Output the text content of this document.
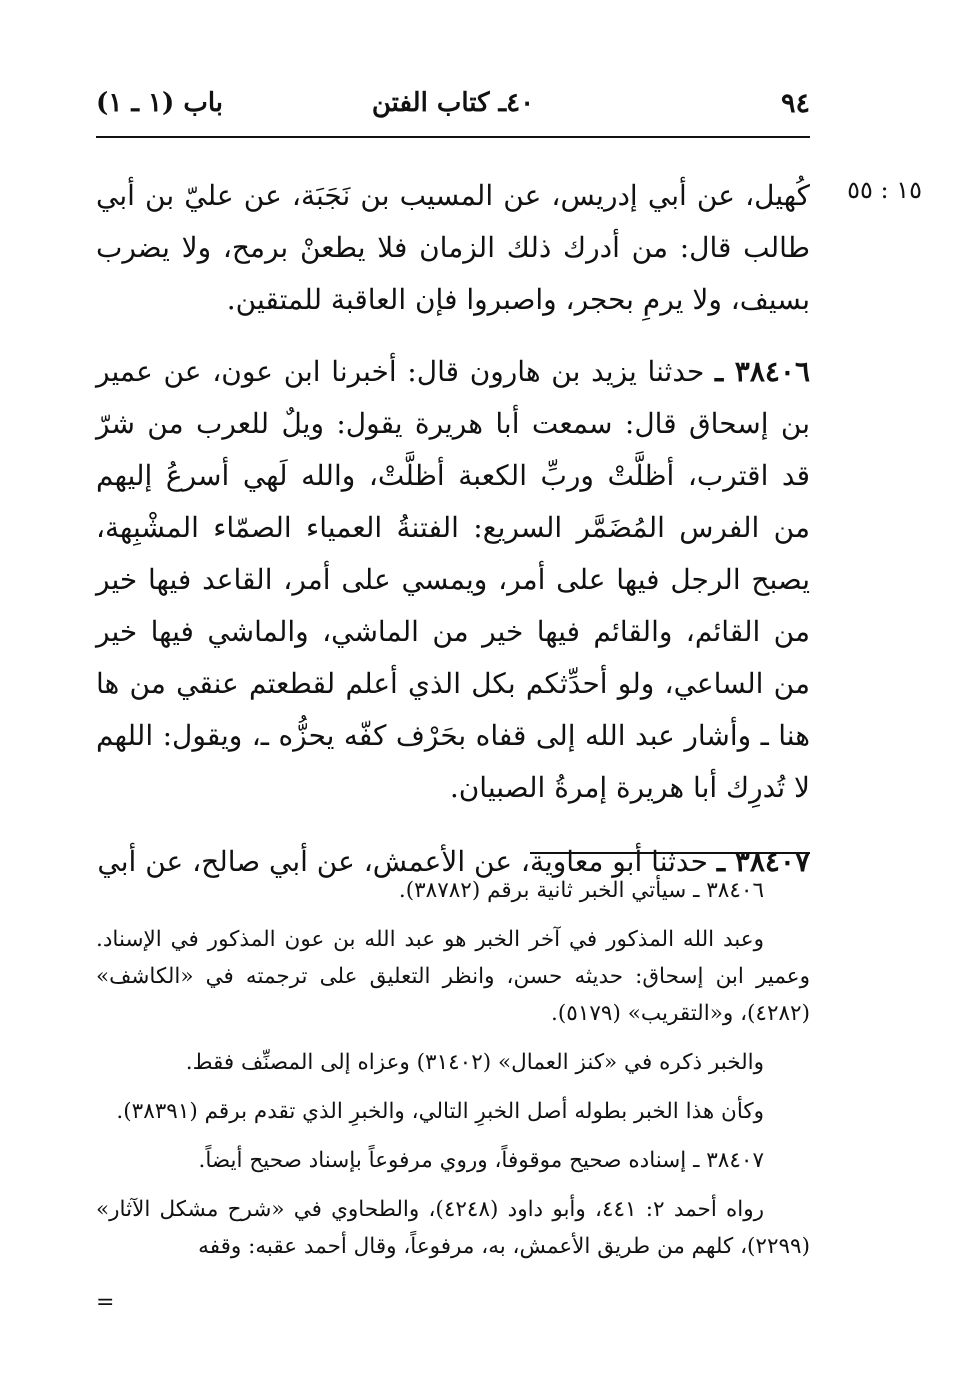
٩٤
٤٠ـ كتاب الفتن
باب (١ ـ ١)
١٥ : ٥٥

كُهيل، عن أبي إدريس، عن المسيب بن نَجَبَة، عن عليّ بن أبي طالب قال: من أدرك ذلك الزمان فلا يطعنْ برمح، ولا يضرب بسيف، ولا يرمِ بحجر، واصبروا فإن العاقبة للمتقين.

٣٨٤٠٦ ـ حدثنا يزيد بن هارون قال: أخبرنا ابن عون، عن عمير بن إسحاق قال: سمعت أبا هريرة يقول: ويلٌ للعرب من شرّ قد اقترب، أظلَّتْ وربِّ الكعبة أظلَّتْ، والله لَهي أسرعُ إليهم من الفرس المُضَمَّر السريع: الفتنةُ العمياء الصمّاء المشْبِهة، يصبح الرجل فيها على أمر، ويمسي على أمر، القاعد فيها خير من القائم، والقائم فيها خير من الماشي، والماشي فيها خير من الساعي، ولو أحدِّثكم بكل الذي أعلم لقطعتم عنقي من ها هنا ـ وأشار عبد الله إلى قفاه بحَرْف كفّه يحزُّه ـ، ويقول: اللهم لا تُدرِك أبا هريرة إمرةُ الصبيان.

٣٨٤٠٧ ـ حدثنا أبو معاوية، عن الأعمش، عن أبي صالح، عن أبي

٣٨٤٠٦ ـ سيأتي الخبر ثانية برقم (٣٨٧٨٢).

وعبد الله المذكور في آخر الخبر هو عبد الله بن عون المذكور في الإسناد. وعمير ابن إسحاق: حديثه حسن، وانظر التعليق على ترجمته في «الكاشف» (٤٢٨٢)، و«التقريب» (٥١٧٩).

والخبر ذكره في «كنز العمال» (٣١٤٠٢) وعزاه إلى المصنِّف فقط.

وكأن هذا الخبر بطوله أصل الخبرِ التالي، والخبرِ الذي تقدم برقم (٣٨٣٩١).

٣٨٤٠٧ ـ إسناده صحيح موقوفاً، وروي مرفوعاً بإسناد صحيح أيضاً.

رواه أحمد ٢: ٤٤١، وأبو داود (٤٢٤٨)، والطحاوي في «شرح مشكل الآثار» (٢٢٩٩)، كلهم من طريق الأعمش، به، مرفوعاً، وقال أحمد عقبه: وقفه

=
